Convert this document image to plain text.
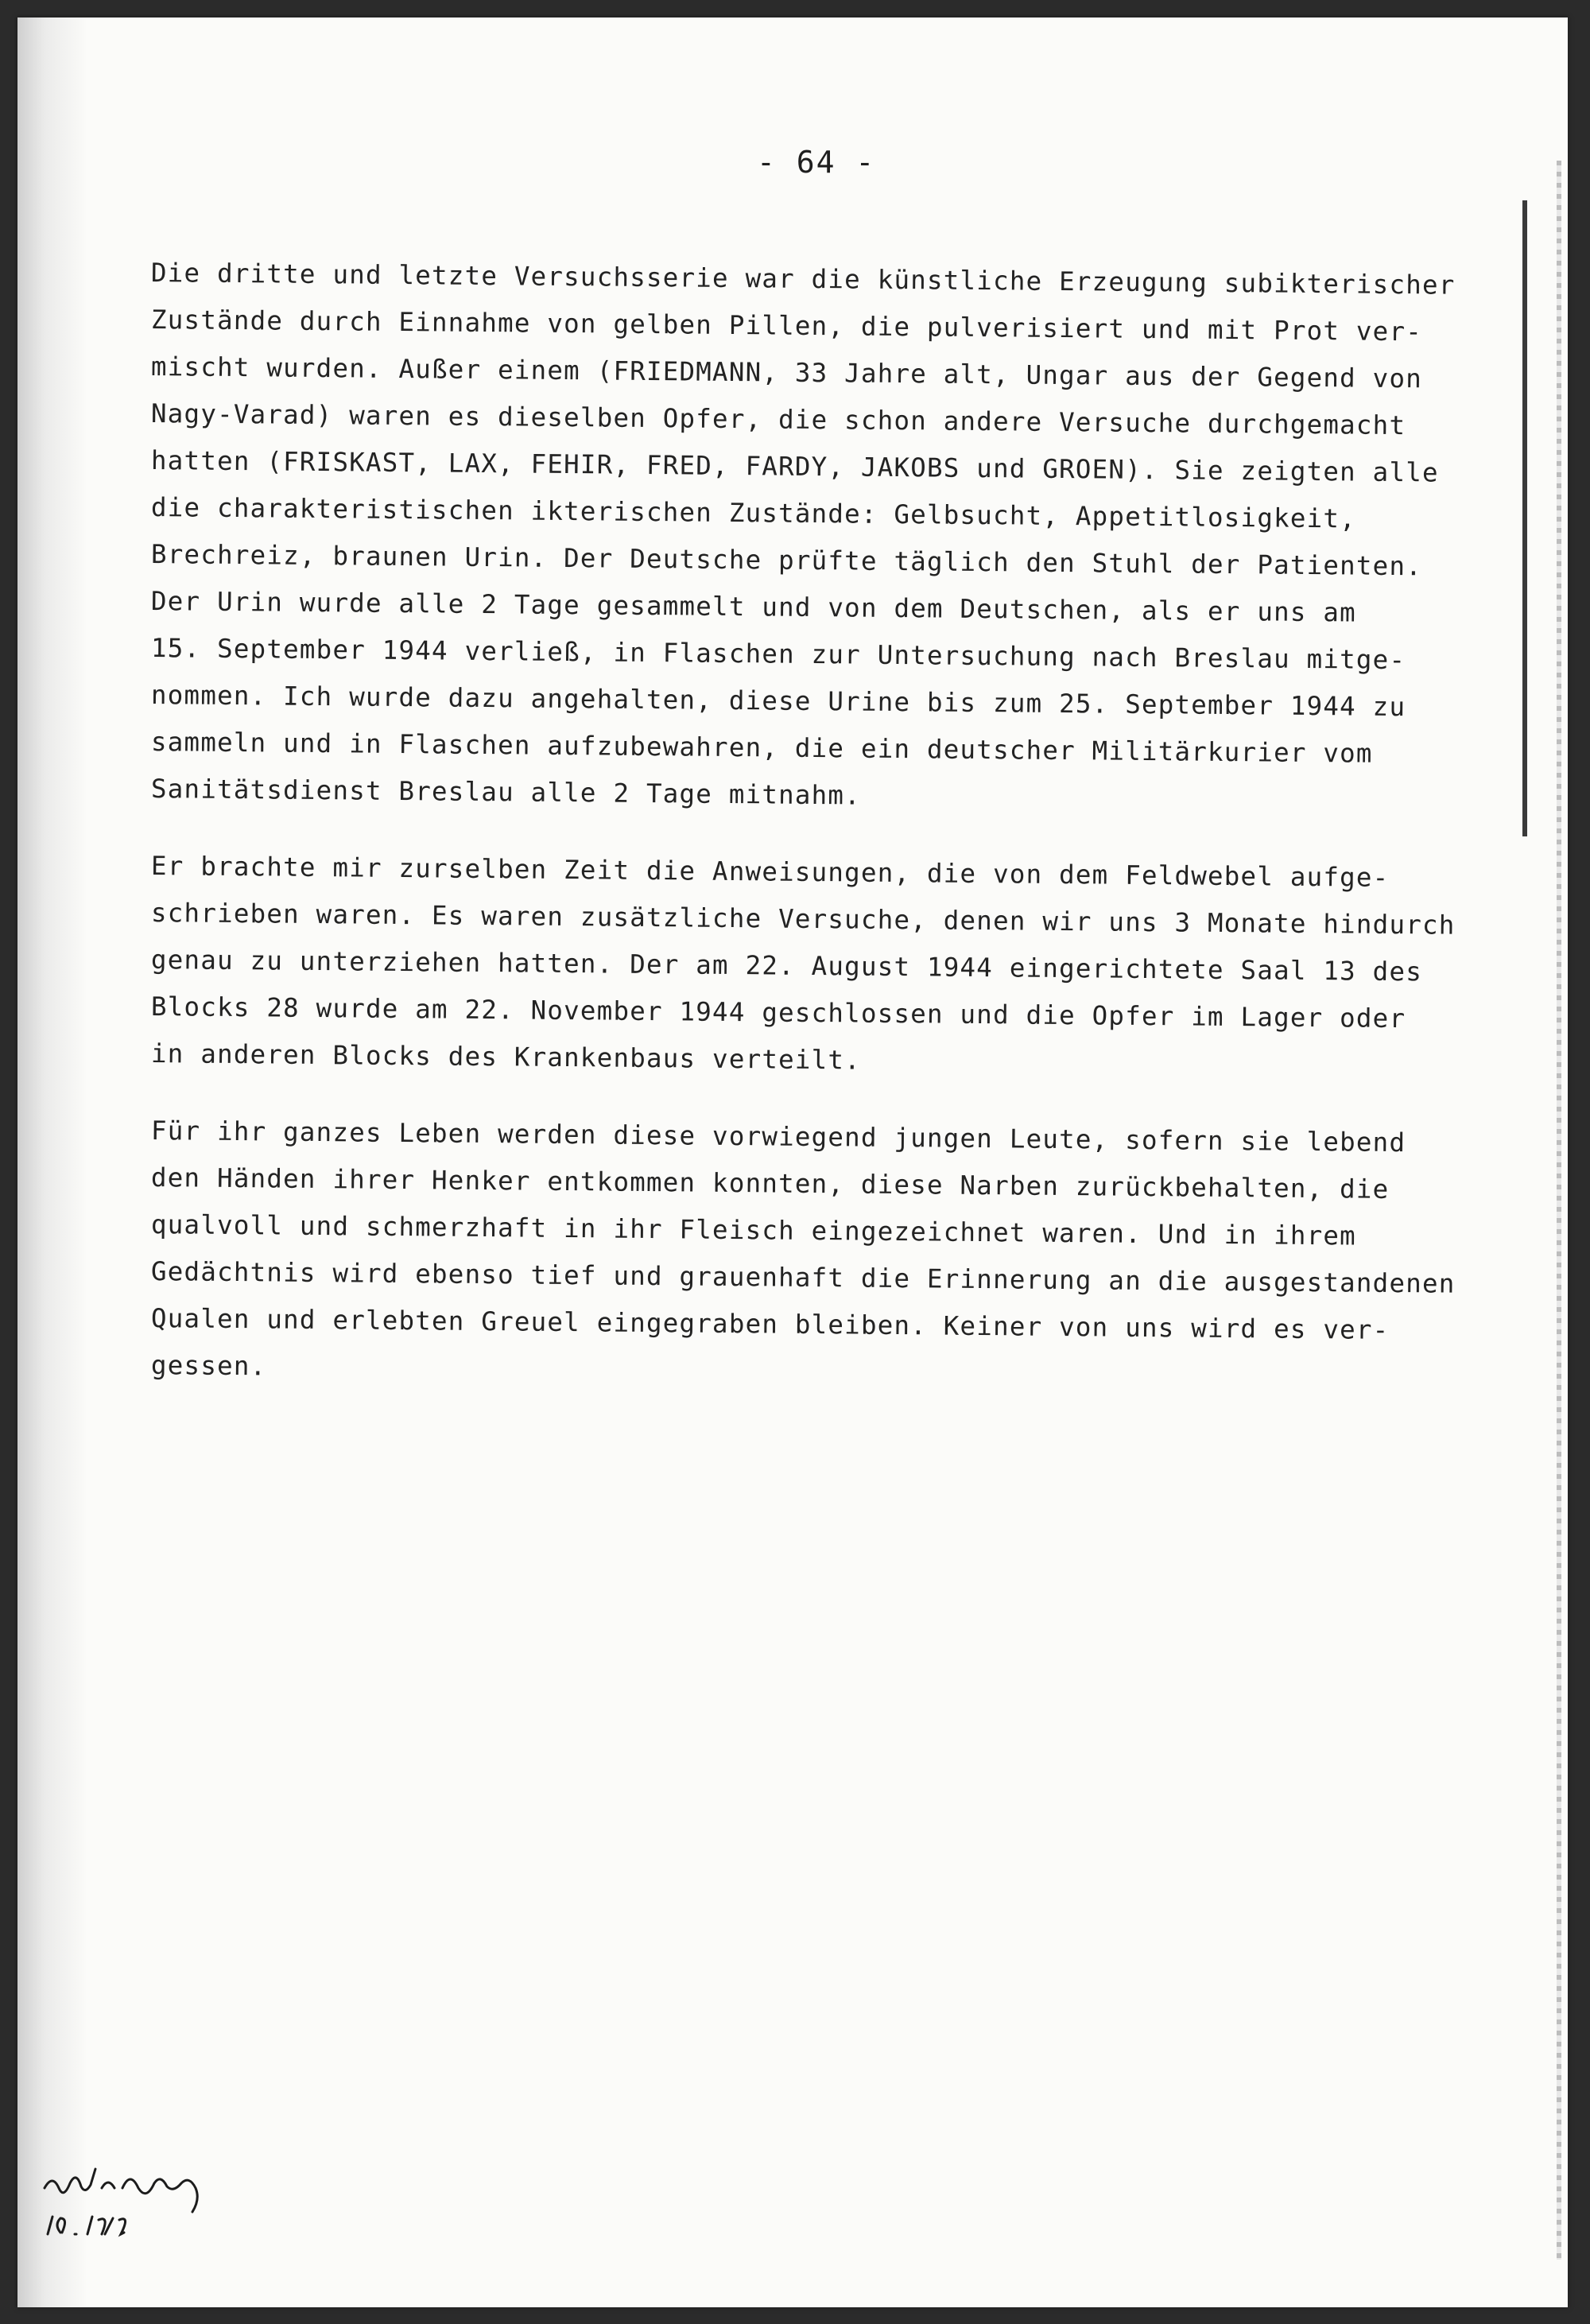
- 64 -
Die dritte und letzte Versuchsserie war die künstliche Erzeugung subikterischer
Zustände durch Einnahme von gelben Pillen, die pulverisiert und mit Prot ver-
mischt wurden. Außer einem (FRIEDMANN, 33 Jahre alt, Ungar aus der Gegend von
Nagy-Varad) waren es dieselben Opfer, die schon andere Versuche durchgemacht
hatten (FRISKAST, LAX, FEHIR, FRED, FARDY, JAKOBS und GROEN). Sie zeigten alle
die charakteristischen ikterischen Zustände: Gelbsucht, Appetitlosigkeit,
Brechreiz, braunen Urin. Der Deutsche prüfte täglich den Stuhl der Patienten.
Der Urin wurde alle 2 Tage gesammelt und von dem Deutschen, als er uns am
15. September 1944 verließ, in Flaschen zur Untersuchung nach Breslau mitge-
nommen. Ich wurde dazu angehalten, diese Urine bis zum 25. September 1944 zu
sammeln und in Flaschen aufzubewahren, die ein deutscher Militärkurier vom
Sanitätsdienst Breslau alle 2 Tage mitnahm.
Er brachte mir zurselben Zeit die Anweisungen, die von dem Feldwebel aufge-
schrieben waren. Es waren zusätzliche Versuche, denen wir uns 3 Monate hindurch
genau zu unterziehen hatten. Der am 22. August 1944 eingerichtete Saal 13 des
Blocks 28 wurde am 22. November 1944 geschlossen und die Opfer im Lager oder
in anderen Blocks des Krankenbaus verteilt.
Für ihr ganzes Leben werden diese vorwiegend jungen Leute, sofern sie lebend
den Händen ihrer Henker entkommen konnten, diese Narben zurückbehalten, die
qualvoll und schmerzhaft in ihr Fleisch eingezeichnet waren. Und in ihrem
Gedächtnis wird ebenso tief und grauenhaft die Erinnerung an die ausgestandenen
Qualen und erlebten Greuel eingegraben bleiben. Keiner von uns wird es ver-
gessen.
